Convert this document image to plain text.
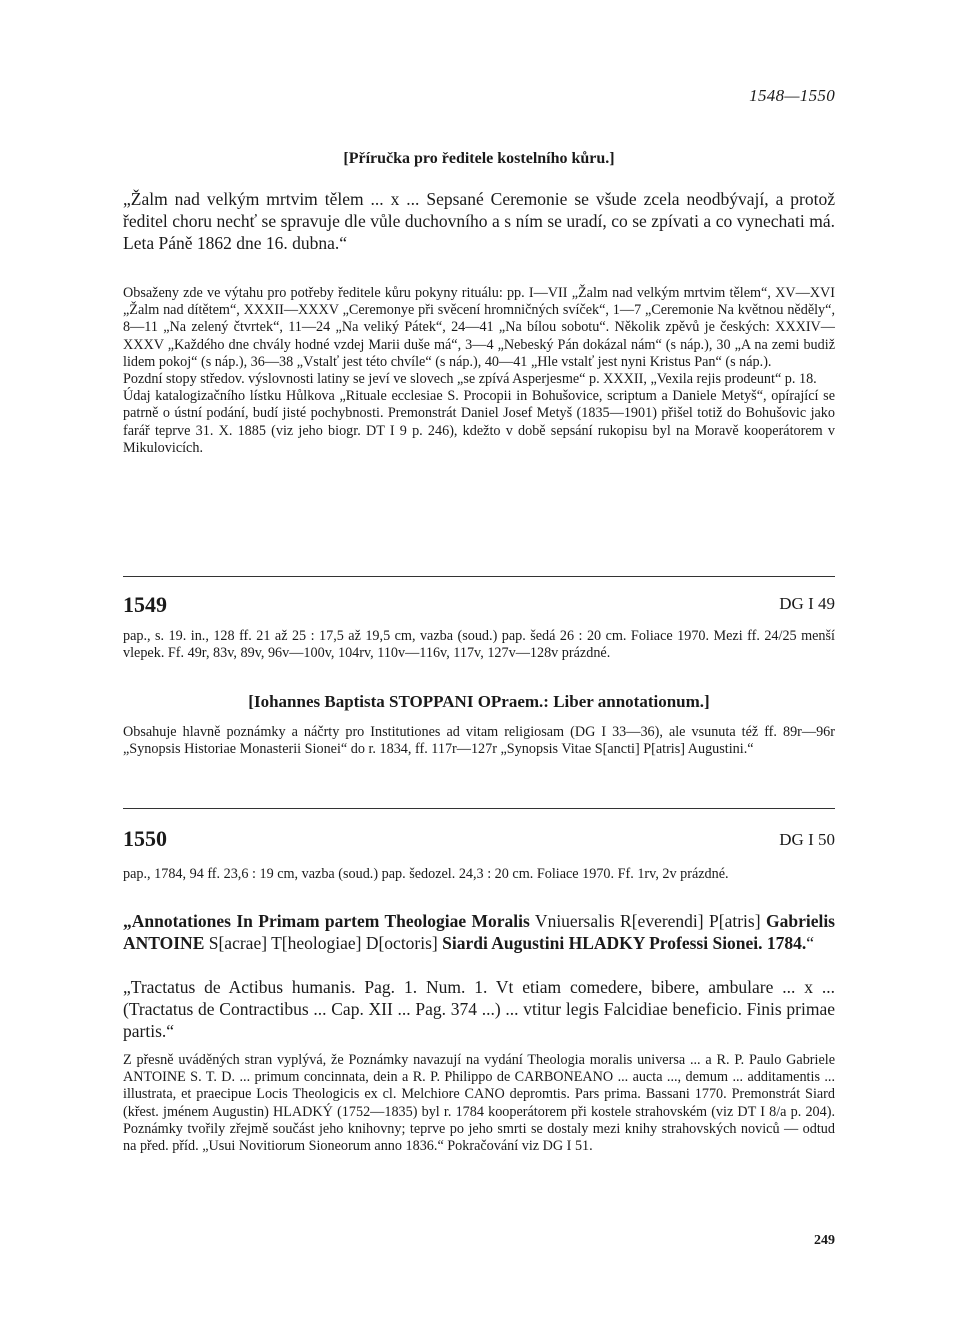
1548—1550
[Příručka pro ředitele kostelního kůru.]
„Žalm nad velkým mrtvim tělem ... x ... Sepsané Ceremonie se všude zcela neodbývají, a protož ředitel choru nechť se spravuje dle vůle duchovního a s ním se uradí, co se zpívati a co vynechati má. Leta Páně 1862 dne 16. dubna.“

Obsaženy zde ve výtahu pro potřeby ředitele kůru pokyny rituálu: pp. I—VII „Žalm nad velkým mrtvim tělem“, XV—XVI „Žalm nad dítětem“, XXXII—XXXV „Ceremonye při svěcení hromničných svíček“, 1—7 „Ceremonie Na květnou něděly“, 8—11 „Na zelený čtvrtek“, 11—24 „Na veliký Pátek“, 24—41 „Na bílou sobotu“. Několik zpěvů je českých: XXXIV—XXXV „Každého dne chvály hodné vzdej Marii duše má“, 3—4 „Nebeský Pán dokázal nám“ (s náp.), 30 „A na zemi budiž lidem pokoj“ (s náp.), 36—38 „Vstalť jest této chvíle“ (s náp.), 40—41 „Hle vstalť jest nyni Kristus Pan“ (s náp.).

Pozdní stopy středov. výslovnosti latiny se jeví ve slovech „se zpívá Asperjesme“ p. XXXII, „Vexila rejis prodeunt“ p. 18.

Údaj katalogizačního lístku Hůlkova „Rituale ecclesiae S. Procopii in Bohušovice, scriptum a Daniele Metyš“, opírající se patrně o ústní podání, budí jisté pochybnosti. Premonstrát Daniel Josef Metyš (1835—1901) přišel totiž do Bohušovic jako farář teprve 31. X. 1885 (viz jeho biogr. DT I 9 p. 246), kdežto v době sepsání rukopisu byl na Moravě kooperátorem v Mikulovicích.

1549	DG I 49
pap., s. 19. in., 128 ff. 21 až 25 : 17,5 až 19,5 cm, vazba (soud.) pap. šedá 26 : 20 cm. Foliace 1970. Mezi ff. 24/25 menší vlepek. Ff. 49r, 83v, 89v, 96v—100v, 104rv, 110v—116v, 117v, 127v—128v prázdné.
[Iohannes Baptista STOPPANI OPraem.: Liber annotationum.]
Obsahuje hlavně poznámky a náčrty pro Institutiones ad vitam religiosam (DG I 33—36), ale vsunuta též ff. 89r—96r „Synopsis Historiae Monasterii Sionei“ do r. 1834, ff. 117r—127r „Synopsis Vitae S[ancti] P[atris] Augustini.“
1550	DG I 50
pap., 1784, 94 ff. 23,6 : 19 cm, vazba (soud.) pap. šedozel. 24,3 : 20 cm. Foliace 1970. Ff. 1rv, 2v prázdné.
„Annotationes In Primam partem Theologiae Moralis Vniuersalis R[everendi] P[atris] Gabrielis ANTOINE S[acrae] T[heologiae] D[octoris] Siardi Augustini HLADKY Professi Sionei. 1784.“
„Tractatus de Actibus humanis. Pag. 1. Num. 1. Vt etiam comedere, bibere, ambulare ... x ... (Tractatus de Contractibus ... Cap. XII ... Pag. 374 ...) ... vtitur legis Falcidiae beneficio. Finis primae partis.“
Z přesně uváděných stran vyplývá, že Poznámky navazují na vydání Theologia moralis universa ... a R. P. Paulo Gabriele ANTOINE S. T. D. ... primum concinnata, dein a R. P. Philippo de CARBONEANO ... aucta ..., demum ... additamentis ... illustrata, et praecipue Locis Theologicis ex cl. Melchiore CANO depromtis. Pars prima. Bassani 1770. Premonstrát Siard (křest. jménem Augustin) HLADKÝ (1752—1835) byl r. 1784 kooperátorem při kostele strahovském (viz DT I 8/a p. 204). Poznámky tvořily zřejmě součást jeho knihovny; teprve po jeho smrti se dostaly mezi knihy strahovských noviců — odtud na před. příd. „Usui Novitiorum Sioneorum anno 1836.“ Pokračování viz DG I 51.
249
